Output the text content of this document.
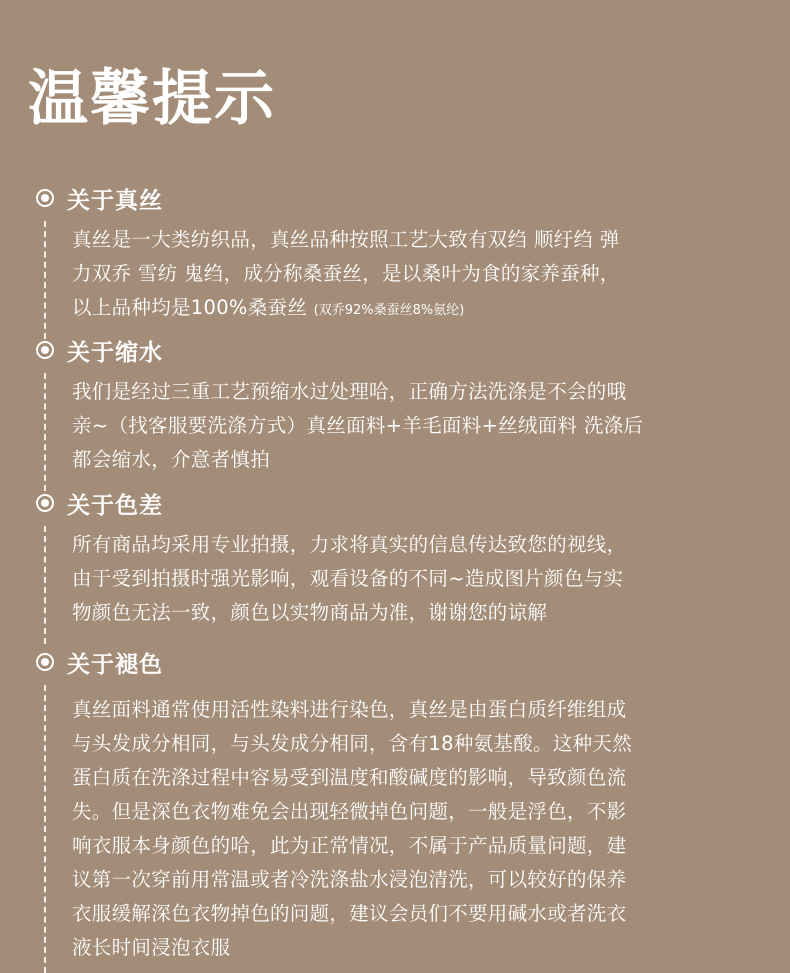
温馨提示
关于真丝
真丝是一大类纺织品，真丝品种按照工艺大致有双绉 顺纡绉 弹
力双乔 雪纺 鬼绉，成分称桑蚕丝，是以桑叶为食的家养蚕种，
以上品种均是100%桑蚕丝 (双乔92%桑蚕丝8%氨纶)
关于缩水
我们是经过三重工艺预缩水过处理哈，正确方法洗涤是不会的哦
亲~（找客服要洗涤方式）真丝面料+羊毛面料+丝绒面料 洗涤后
都会缩水，介意者慎拍
关于色差
所有商品均采用专业拍摄，力求将真实的信息传达致您的视线，
由于受到拍摄时强光影响，观看设备的不同~造成图片颜色与实
物颜色无法一致，颜色以实物商品为准，谢谢您的谅解
关于褪色
真丝面料通常使用活性染料进行染色，真丝是由蛋白质纤维组成
与头发成分相同，与头发成分相同，含有18种氨基酸。这种天然
蛋白质在洗涤过程中容易受到温度和酸碱度的影响，导致颜色流
失。但是深色衣物难免会出现轻微掉色问题，一般是浮色，不影
响衣服本身颜色的哈，此为正常情况，不属于产品质量问题，建
议第一次穿前用常温或者冷洗涤盐水浸泡清洗，可以较好的保养
衣服缓解深色衣物掉色的问题，建议会员们不要用碱水或者洗衣
液长时间浸泡衣服
